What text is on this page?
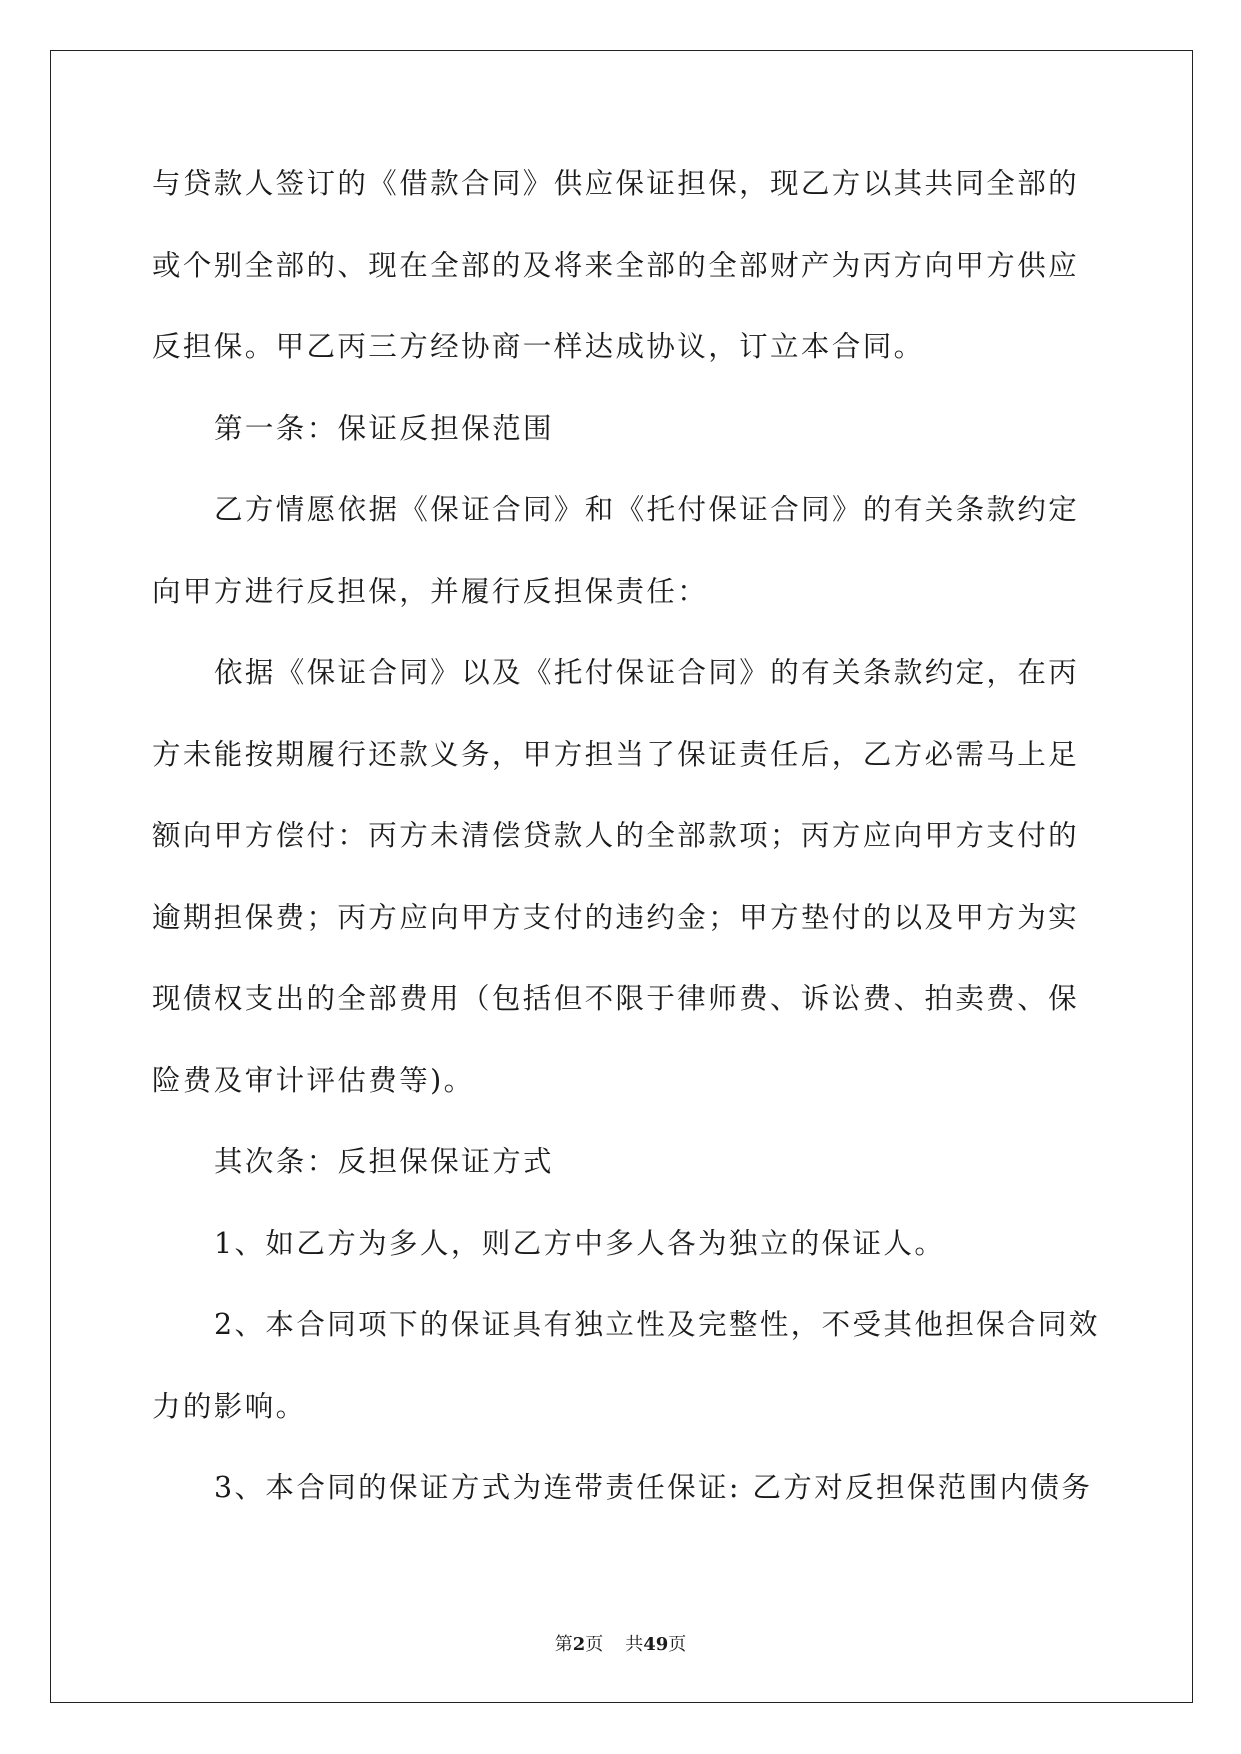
与贷款人签订的《借款合同》供应保证担保，现乙方以其共同全部的
或个别全部的、现在全部的及将来全部的全部财产为丙方向甲方供应
反担保。甲乙丙三方经协商一样达成协议，订立本合同。
第一条：保证反担保范围
乙方情愿依据《保证合同》和《托付保证合同》的有关条款约定
向甲方进行反担保，并履行反担保责任：
依据《保证合同》以及《托付保证合同》的有关条款约定，在丙
方未能按期履行还款义务，甲方担当了保证责任后，乙方必需马上足
额向甲方偿付：丙方未清偿贷款人的全部款项；丙方应向甲方支付的
逾期担保费；丙方应向甲方支付的违约金；甲方垫付的以及甲方为实
现债权支出的全部费用（包括但不限于律师费、诉讼费、拍卖费、保
险费及审计评估费等)。
其次条：反担保保证方式
1、如乙方为多人，则乙方中多人各为独立的保证人。
2、本合同项下的保证具有独立性及完整性，不受其他担保合同效
力的影响。
3、本合同的保证方式为连带责任保证: 乙方对反担保范围内债务
第2页 共49页
